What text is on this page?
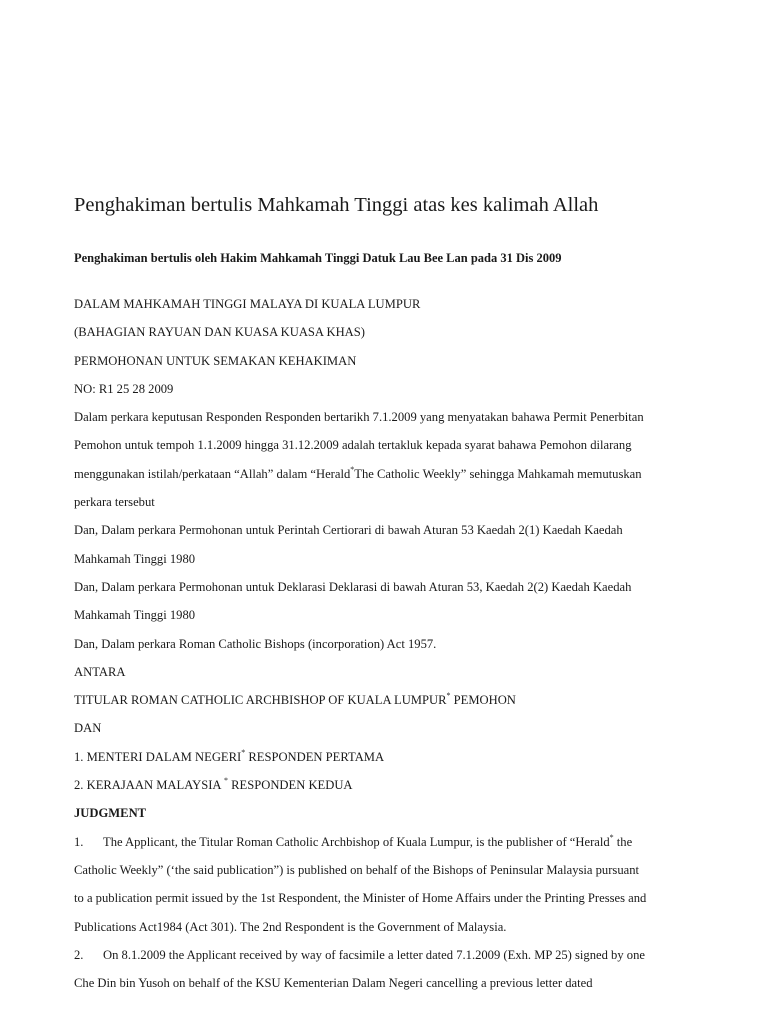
Penghakiman bertulis Mahkamah Tinggi atas kes kalimah Allah
Penghakiman bertulis oleh Hakim Mahkamah Tinggi Datuk Lau Bee Lan pada 31 Dis 2009
DALAM MAHKAMAH TINGGI MALAYA DI KUALA LUMPUR
(BAHAGIAN RAYUAN DAN KUASA KUASA KHAS)
PERMOHONAN UNTUK SEMAKAN KEHAKIMAN
NO: R1 25 28 2009
Dalam perkara keputusan Responden Responden bertarikh 7.1.2009 yang menyatakan bahawa Permit Penerbitan
Pemohon untuk tempoh 1.1.2009 hingga 31.12.2009 adalah tertakluk kepada syarat bahawa Pemohon dilarang
menggunakan istilah/perkataan “Allah” dalam “Herald*The Catholic Weekly” sehingga Mahkamah memutuskan
perkara tersebut
Dan, Dalam perkara Permohonan untuk Perintah Certiorari di bawah Aturan 53 Kaedah 2(1) Kaedah Kaedah
Mahkamah Tinggi 1980
Dan, Dalam perkara Permohonan untuk Deklarasi Deklarasi di bawah Aturan 53, Kaedah 2(2) Kaedah Kaedah
Mahkamah Tinggi 1980
Dan, Dalam perkara Roman Catholic Bishops (incorporation) Act 1957.
ANTARA
TITULAR ROMAN CATHOLIC ARCHBISHOP OF KUALA LUMPUR* PEMOHON
DAN
1. MENTERI DALAM NEGERI* RESPONDEN PERTAMA
2. KERAJAAN MALAYSIA * RESPONDEN KEDUA
JUDGMENT
1. The Applicant, the Titular Roman Catholic Archbishop of Kuala Lumpur, is the publisher of “Herald* the
Catholic Weekly” (‘the said publication”) is published on behalf of the Bishops of Peninsular Malaysia pursuant
to a publication permit issued by the 1st Respondent, the Minister of Home Affairs under the Printing Presses and
Publications Act1984 (Act 301). The 2nd Respondent is the Government of Malaysia.
2. On 8.1.2009 the Applicant received by way of facsimile a letter dated 7.1.2009 (Exh. MP 25) signed by one
Che Din bin Yusoh on behalf of the KSU Kementerian Dalam Negeri cancelling a previous letter dated
